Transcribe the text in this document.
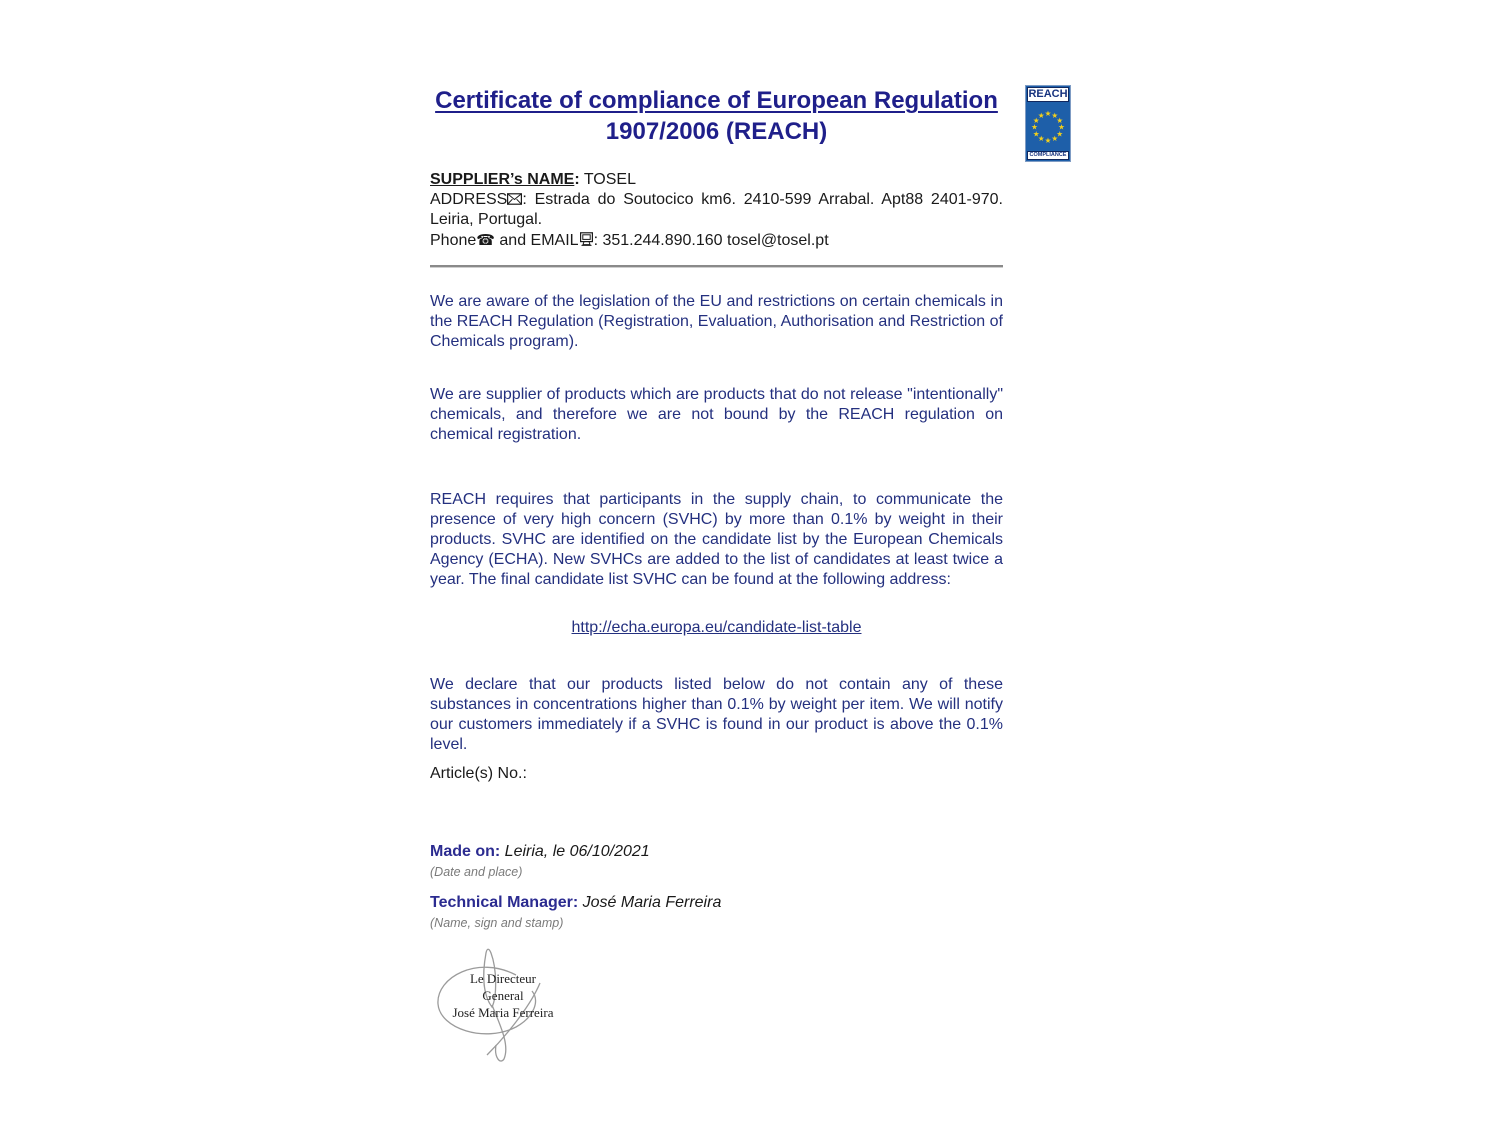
Certificate of compliance of European Regulation
1907/2006 (REACH)
REACH
★ ★
★
★
★
★
★
★
★
★
★
★
COMPLIANCE

SUPPLIER’s NAME: TOSEL

ADDRESS : Estrada do Soutocico km6. 2410-599 Arrabal. Apt88 2401-970. Leiria, Portugal.

Phone☎ and EMAIL : 351.244.890.160 tosel@tosel.pt

We are aware of the legislation of the EU and restrictions on certain chemicals in the REACH Regulation (Registration, Evaluation, Authorisation and Restriction of Chemicals program).

We are supplier of products which are products that do not release "intentionally" chemicals, and therefore we are not bound by the REACH regulation on chemical registration.

REACH requires that participants in the supply chain, to communicate the presence of very high concern (SVHC) by more than 0.1% by weight in their products. SVHC are identified on the candidate list by the European Chemicals Agency (ECHA). New SVHCs are added to the list of candidates at least twice a year. The final candidate list SVHC can be found at the following address:

http://echa.europa.eu/candidate-list-table

We declare that our products listed below do not contain any of these substances in concentrations higher than 0.1% by weight per item. We will notify our customers immediately if a SVHC is found in our product is above the 0.1% level.

Article(s) No.:
Made on: Leiria, le 06/10/2021
(Date and place)
Technical Manager: José Maria Ferreira
(Name, sign and stamp)
Le Directeur General
José Maria Ferreira
